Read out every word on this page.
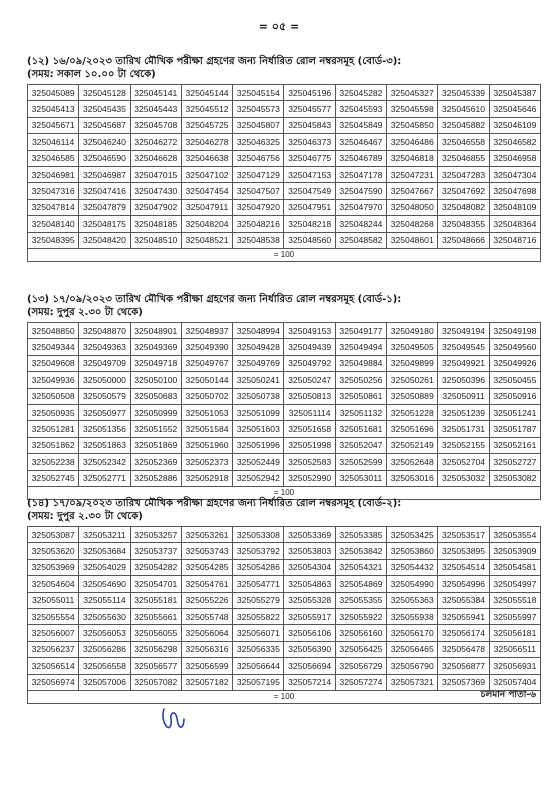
= ০৫ =
(১২) ১৬/০৯/২০২৩ তারিখ মৌখিক পরীক্ষা গ্রহণের জন্য নির্ধারিত রোল নম্বরসমূহ (বোর্ড-৩):
(সময়: সকাল ১০.০০ টা থেকে)
325045089	325045128	325045141	325045144	325045154	325045196	325045282	325045327	325045339	325045387
325045413	325045435	325045443	325045512	325045573	325045577	325045593	325045598	325045610	325045646
325045671	325045687	325045708	325045725	325045807	325045843	325045849	325045850	325045882	325046109
325046114	325046240	325046272	325046278	325046325	325046373	325046467	325046486	325046558	325046582
325046585	325046590	325046628	325046638	325046756	325046775	325046789	325046818	325046855	325046958
325046981	325046987	325047015	325047102	325047129	325047153	325047178	325047231	325047283	325047304
325047316	325047416	325047430	325047454	325047507	325047549	325047590	325047667	325047692	325047698
325047814	325047879	325047902	325047911	325047920	325047951	325047970	325048050	325048082	325048109
325048140	325048175	325048185	325048204	325048216	325048218	325048244	325048268	325048355	325048364
325048395	325048420	325048510	325048521	325048538	325048560	325048582	325048601	325048666	325048716
= 100									
(১৩) ১৭/০৯/২০২৩ তারিখ মৌখিক পরীক্ষা গ্রহণের জন্য নির্ধারিত রোল নম্বরসমূহ (বোর্ড-১):
(সময়: দুপুর ২.৩০ টা থেকে)
325048850	325048870	325048901	325048937	325048994	325049153	325049177	325049180	325049194	325049198
325049344	325049363	325049369	325049390	325049428	325049439	325049494	325049505	325049545	325049560
325049608	325049709	325049718	325049767	325049769	325049792	325049884	325049899	325049921	325049926
325049936	325050000	325050100	325050144	325050241	325050247	325050256	325050261	325050396	325050455
325050508	325050579	325050683	325050702	325050738	325050813	325050861	325050889	325050911	325050916
325050935	325050977	325050999	325051053	325051099	325051114	325051132	325051228	325051239	325051241
325051281	325051356	325051552	325051584	325051603	325051658	325051681	325051696	325051731	325051787
325051862	325051863	325051869	325051960	325051996	325051998	325052047	325052149	325052155	325052161
325052238	325052342	325052369	325052373	325052449	325052583	325052599	325052648	325052704	325052727
325052745	325052771	325052886	325052918	325052942	325052990	325053011	325053016	325053032	325053082
= 100									
(১৪) ১৭/০৯/২০২৩ তারিখ মৌখিক পরীক্ষা গ্রহণের জন্য নির্ধারিত রোল নম্বরসমূহ (বোর্ড-২):
(সময়: দুপুর ২.৩০ টা থেকে)
325053087	325053211	325053257	325053261	325053308	325053369	325053385	325053425	325053517	325053554
325053620	325053684	325053737	325053743	325053792	325053803	325053842	325053860	325053895	325053909
325053969	325054029	325054282	325054285	325054286	325054304	325054321	325054432	325054514	325054581
325054604	325054690	325054701	325054761	325054771	325054863	325054869	325054990	325054996	325054997
325055011	325055114	325055181	325055226	325055279	325055328	325055355	325055363	325055384	325055518
325055554	325055630	325055661	325055748	325055822	325055917	325055922	325055938	325055941	325055997
325056007	325056053	325056055	325056064	325056071	325056106	325056160	325056170	325056174	325056181
325056237	325056286	325056298	325056316	325056335	325056390	325056425	325056465	325056478	325056511
325056514	325056558	325056577	325056599	325056644	325056694	325056729	325056790	325056877	325056931
325056974	325057006	325057082	325057182	325057195	325057214	325057274	325057321	325057369	325057404
= 100										চলমান পাতা-৬
